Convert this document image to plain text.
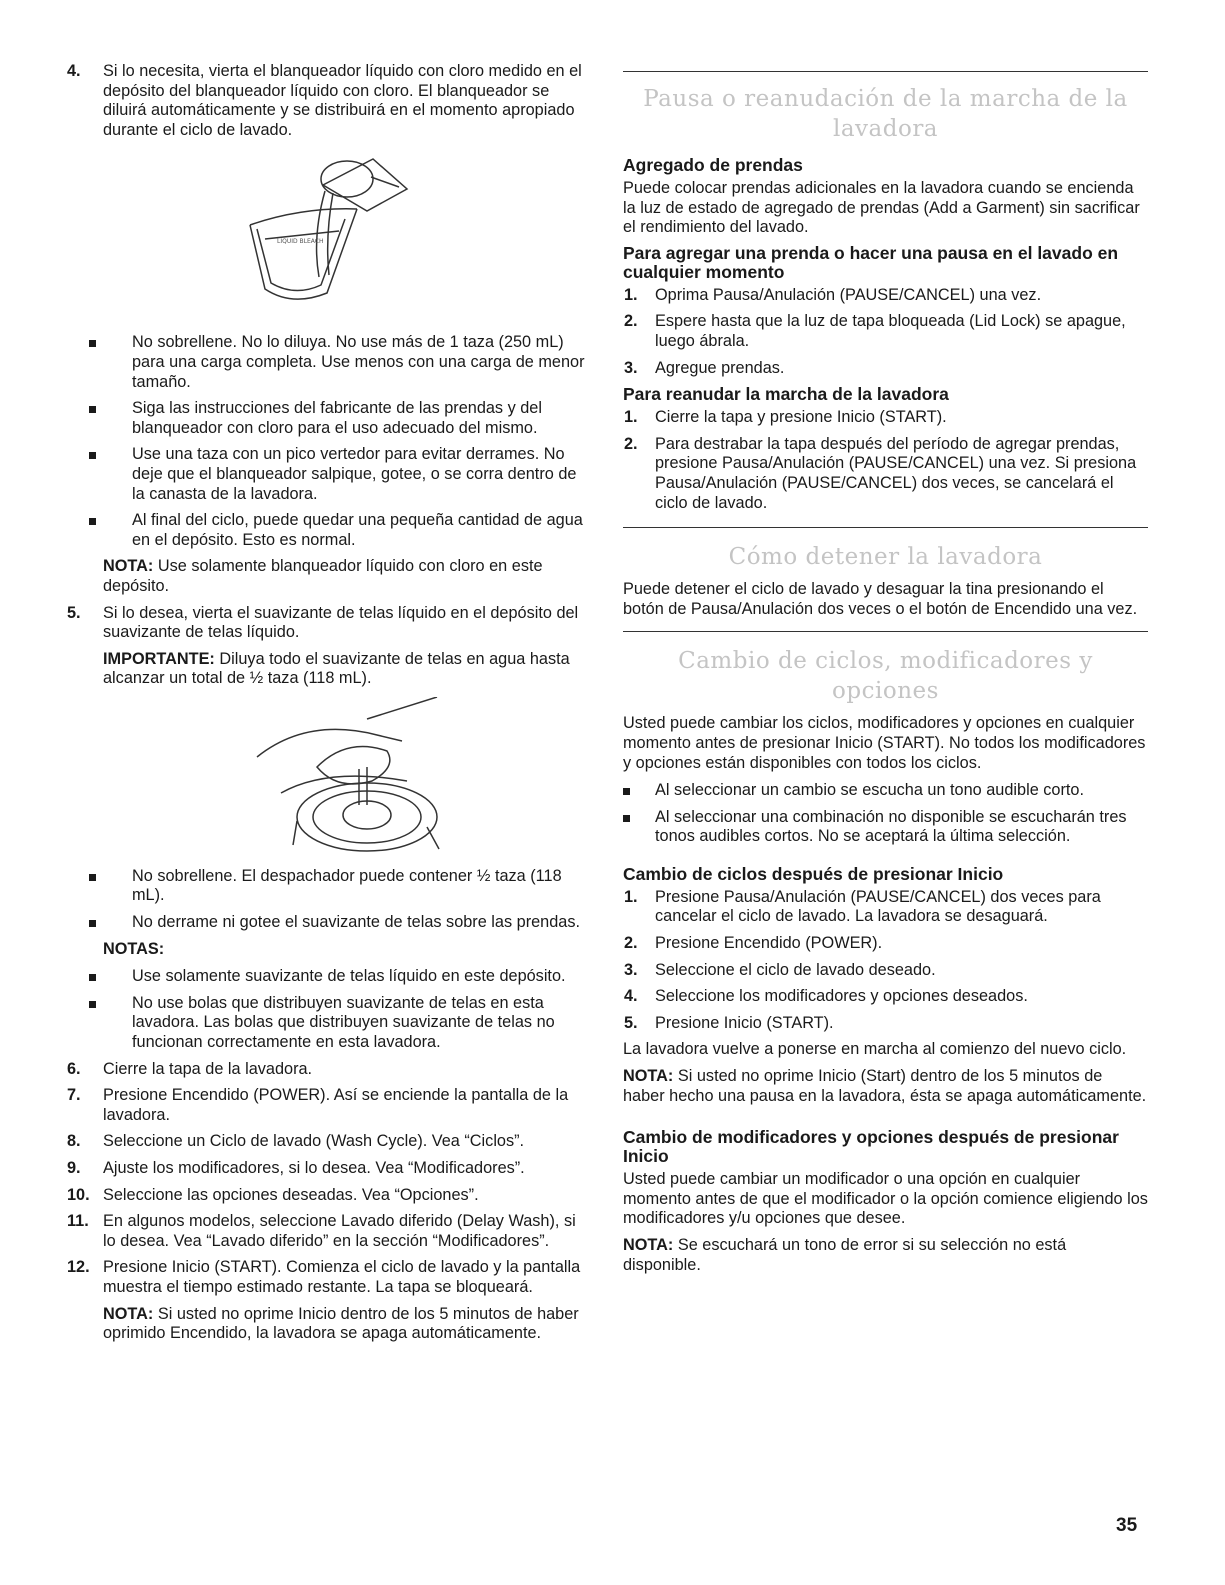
4. Si lo necesita, vierta el blanqueador líquido con cloro medido en el depósito del blanqueador líquido con cloro. El blanqueador se diluirá automáticamente y se distribuirá en el momento apropiado durante el ciclo de lavado.

LIQUID BLEACH

No sobrellene. No lo diluya. No use más de 1 taza (250 mL) para una carga completa. Use menos con una carga de menor tamaño.

Siga las instrucciones del fabricante de las prendas y del blanqueador con cloro para el uso adecuado del mismo.

Use una taza con un pico vertedor para evitar derrames. No deje que el blanqueador salpique, gotee, o se corra dentro de la canasta de la lavadora.

Al final del ciclo, puede quedar una pequeña cantidad de agua en el depósito. Esto es normal.

NOTA: Use solamente blanqueador líquido con cloro en este depósito.

5. Si lo desea, vierta el suavizante de telas líquido en el depósito del suavizante de telas líquido.

IMPORTANTE: Diluya todo el suavizante de telas en agua hasta alcanzar un total de ½ taza (118 mL).

No sobrellene. El despachador puede contener ½ taza (118 mL).

No derrame ni gotee el suavizante de telas sobre las prendas.

NOTAS:

Use solamente suavizante de telas líquido en este depósito.

No use bolas que distribuyen suavizante de telas en esta lavadora. Las bolas que distribuyen suavizante de telas no funcionan correctamente en esta lavadora.

6. Cierre la tapa de la lavadora.

7. Presione Encendido (POWER). Así se enciende la pantalla de la lavadora.

8. Seleccione un Ciclo de lavado (Wash Cycle). Vea “Ciclos”.

9. Ajuste los modificadores, si lo desea. Vea “Modificadores”.

10. Seleccione las opciones deseadas. Vea “Opciones”.

11. En algunos modelos, seleccione Lavado diferido (Delay Wash), si lo desea. Vea “Lavado diferido” en la sección “Modificadores”.

12. Presione Inicio (START). Comienza el ciclo de lavado y la pantalla muestra el tiempo estimado restante. La tapa se bloqueará.

NOTA: Si usted no oprime Inicio dentro de los 5 minutos de haber oprimido Encendido, la lavadora se apaga automáticamente.

Pausa o reanudación de la marcha de la lavadora

Agregado de prendas

Puede colocar prendas adicionales en la lavadora cuando se encienda la luz de estado de agregado de prendas (Add a Garment) sin sacrificar el rendimiento del lavado.

Para agregar una prenda o hacer una pausa en el lavado en cualquier momento

1. Oprima Pausa/Anulación (PAUSE/CANCEL) una vez.

2. Espere hasta que la luz de tapa bloqueada (Lid Lock) se apague, luego ábrala.

3. Agregue prendas.

Para reanudar la marcha de la lavadora

1. Cierre la tapa y presione Inicio (START).

2. Para destrabar la tapa después del período de agregar prendas, presione Pausa/Anulación (PAUSE/CANCEL) una vez. Si presiona Pausa/Anulación (PAUSE/CANCEL) dos veces, se cancelará el ciclo de lavado.

Cómo detener la lavadora

Puede detener el ciclo de lavado y desaguar la tina presionando el botón de Pausa/Anulación dos veces o el botón de Encendido una vez.

Cambio de ciclos, modificadores y opciones

Usted puede cambiar los ciclos, modificadores y opciones en cualquier momento antes de presionar Inicio (START). No todos los modificadores y opciones están disponibles con todos los ciclos.

Al seleccionar un cambio se escucha un tono audible corto.

Al seleccionar una combinación no disponible se escucharán tres tonos audibles cortos. No se aceptará la última selección.

Cambio de ciclos después de presionar Inicio

1. Presione Pausa/Anulación (PAUSE/CANCEL) dos veces para cancelar el ciclo de lavado. La lavadora se desaguará.

2. Presione Encendido (POWER).

3. Seleccione el ciclo de lavado deseado.

4. Seleccione los modificadores y opciones deseados.

5. Presione Inicio (START).

La lavadora vuelve a ponerse en marcha al comienzo del nuevo ciclo.

NOTA: Si usted no oprime Inicio (Start) dentro de los 5 minutos de haber hecho una pausa en la lavadora, ésta se apaga automáticamente.

Cambio de modificadores y opciones después de presionar Inicio

Usted puede cambiar un modificador o una opción en cualquier momento antes de que el modificador o la opción comience eligiendo los modificadores y/u opciones que desee.

NOTA: Se escuchará un tono de error si su selección no está disponible.

35
